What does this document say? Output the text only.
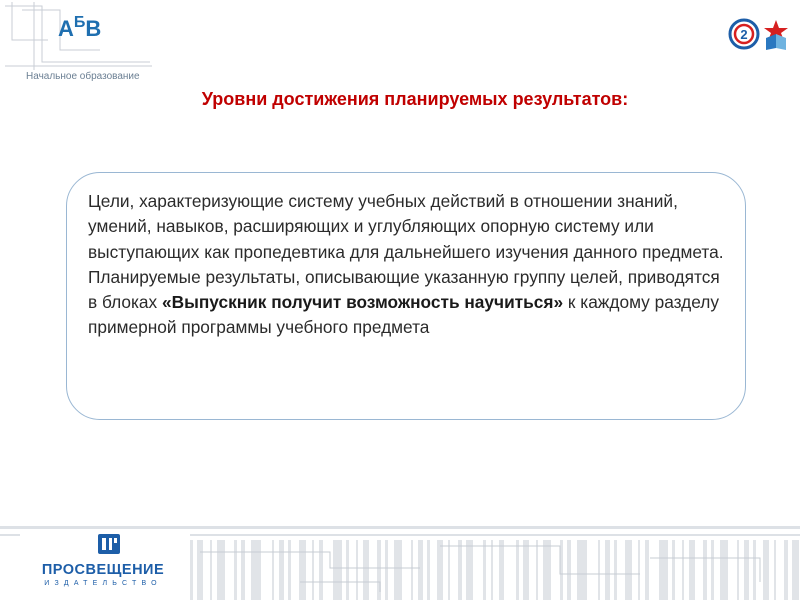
$А^БВ$
Начальное образование
2
Уровни достижения планируемых результатов:

Цели, характеризующие систему учебных действий в отношении знаний, умений, навыков, расширяющих и углубляющих опорную систему или выступающих как пропедевтика для дальнейшего изучения данного предмета. Планируемые результаты, описывающие указанную группу целей, приводятся в блоках «Выпускник получит возможность научиться» к каждому разделу примерной программы учебного предмета

ПРОСВЕЩЕНИЕ
ИЗДАТЕЛЬСТВО
